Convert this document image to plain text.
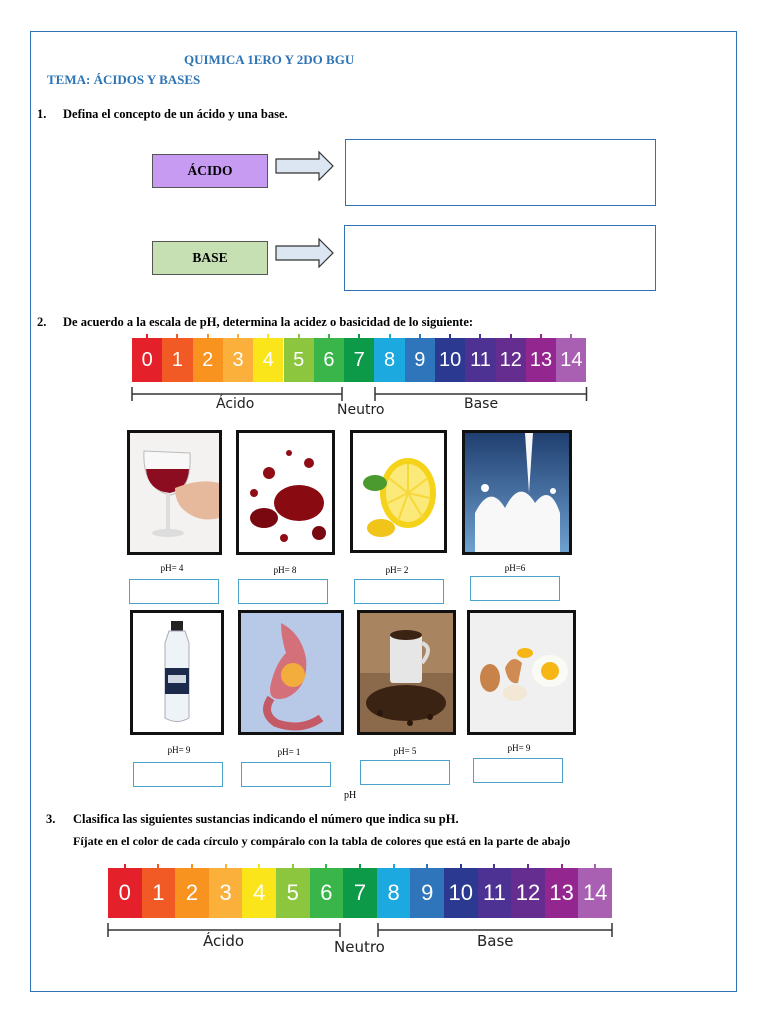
QUIMICA 1ERO Y 2DO BGU
TEMA: ÁCIDOS Y BASES
1. Defina el concepto de un ácido y una base.
ÁCIDO
BASE
2. De acuerdo a la escala de pH, determina la acidez o basicidad de lo siguiente:
0 1 2 3 4 5 6 7 8 9 10 11 12 13 14
Ácido	Neutro	Base
pH= 4	pH= 8	pH= 2	pH=6
pH= 9	pH= 1	pH= 5	pH= 9
pH
3. Clasifica las siguientes sustancias indicando el número que indica su pH.
Fíjate en el color de cada círculo y compáralo con la tabla de colores que está en la parte de abajo
0 1 2 3 4 5 6 7 8 9 10 11 12 13 14
Ácido	Neutro	Base
